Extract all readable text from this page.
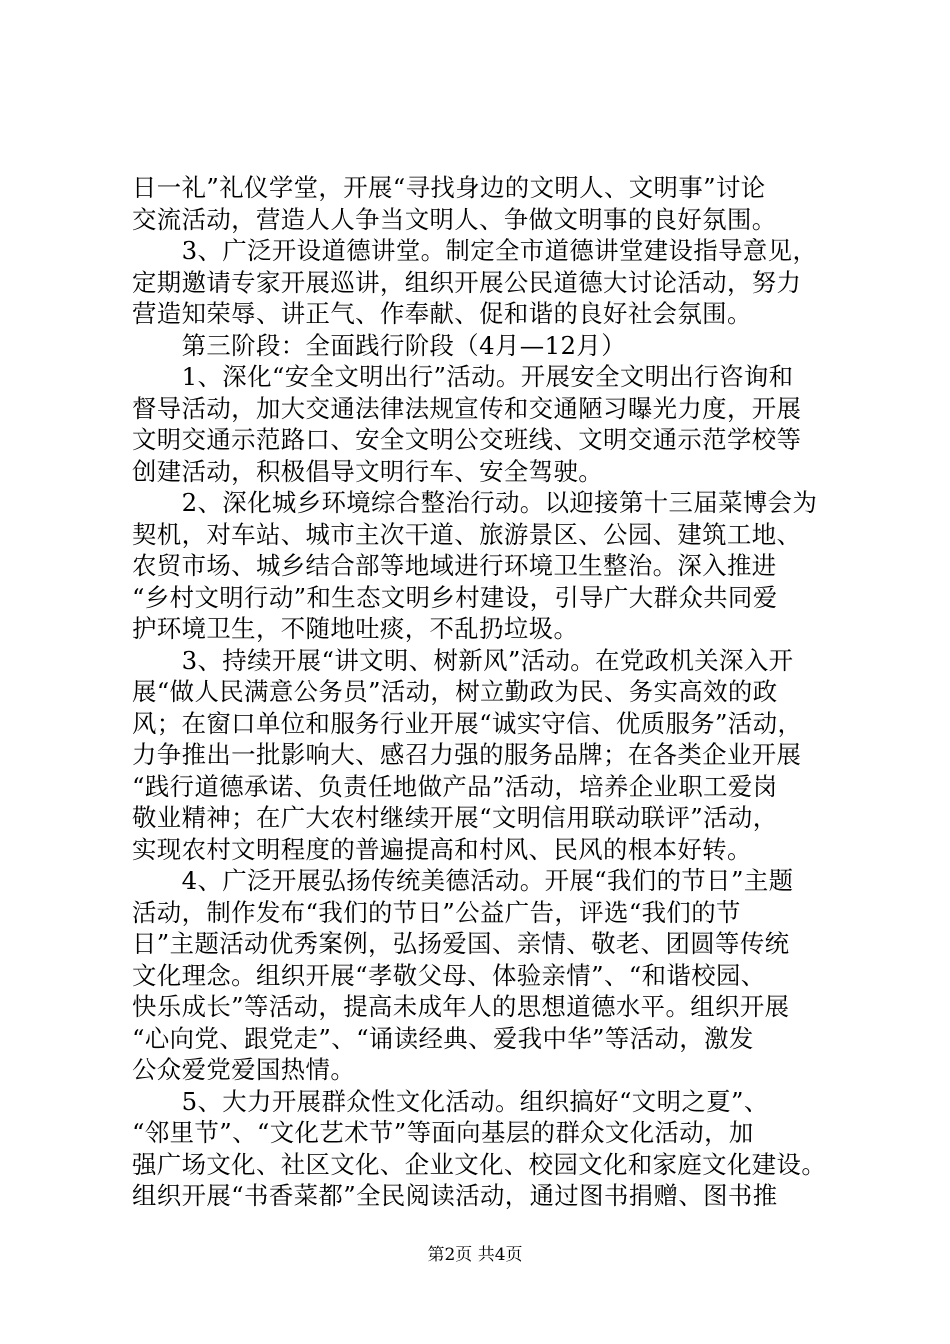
日一礼”礼仪学堂，开展“寻找身边的文明人、文明事”讨论
交流活动，营造人人争当文明人、争做文明事的良好氛围。
　　3、广泛开设道德讲堂。制定全市道德讲堂建设指导意见，
定期邀请专家开展巡讲，组织开展公民道德大讨论活动，努力
营造知荣辱、讲正气、作奉献、促和谐的良好社会氛围。
　　第三阶段：全面践行阶段（4月—12月）
　　1、深化“安全文明出行”活动。开展安全文明出行咨询和
督导活动，加大交通法律法规宣传和交通陋习曝光力度，开展
文明交通示范路口、安全文明公交班线、文明交通示范学校等
创建活动，积极倡导文明行车、安全驾驶。
　　2、深化城乡环境综合整治行动。以迎接第十三届菜博会为
契机，对车站、城市主次干道、旅游景区、公园、建筑工地、
农贸市场、城乡结合部等地域进行环境卫生整治。深入推进
“乡村文明行动”和生态文明乡村建设，引导广大群众共同爱
护环境卫生，不随地吐痰，不乱扔垃圾。
　　3、持续开展“讲文明、树新风”活动。在党政机关深入开
展“做人民满意公务员”活动，树立勤政为民、务实高效的政
风；在窗口单位和服务行业开展“诚实守信、优质服务”活动，
力争推出一批影响大、感召力强的服务品牌；在各类企业开展
“践行道德承诺、负责任地做产品”活动，培养企业职工爱岗
敬业精神；在广大农村继续开展“文明信用联动联评”活动，
实现农村文明程度的普遍提高和村风、民风的根本好转。
　　4、广泛开展弘扬传统美德活动。开展“我们的节日”主题
活动，制作发布“我们的节日”公益广告，评选“我们的节
日”主题活动优秀案例，弘扬爱国、亲情、敬老、团圆等传统
文化理念。组织开展“孝敬父母、体验亲情”、“和谐校园、
快乐成长”等活动，提高未成年人的思想道德水平。组织开展
“心向党、跟党走”、“诵读经典、爱我中华”等活动，激发
公众爱党爱国热情。
　　5、大力开展群众性文化活动。组织搞好“文明之夏”、
“邻里节”、“文化艺术节”等面向基层的群众文化活动，加
强广场文化、社区文化、企业文化、校园文化和家庭文化建设。
组织开展“书香菜都”全民阅读活动，通过图书捐赠、图书推
第2页 共4页
